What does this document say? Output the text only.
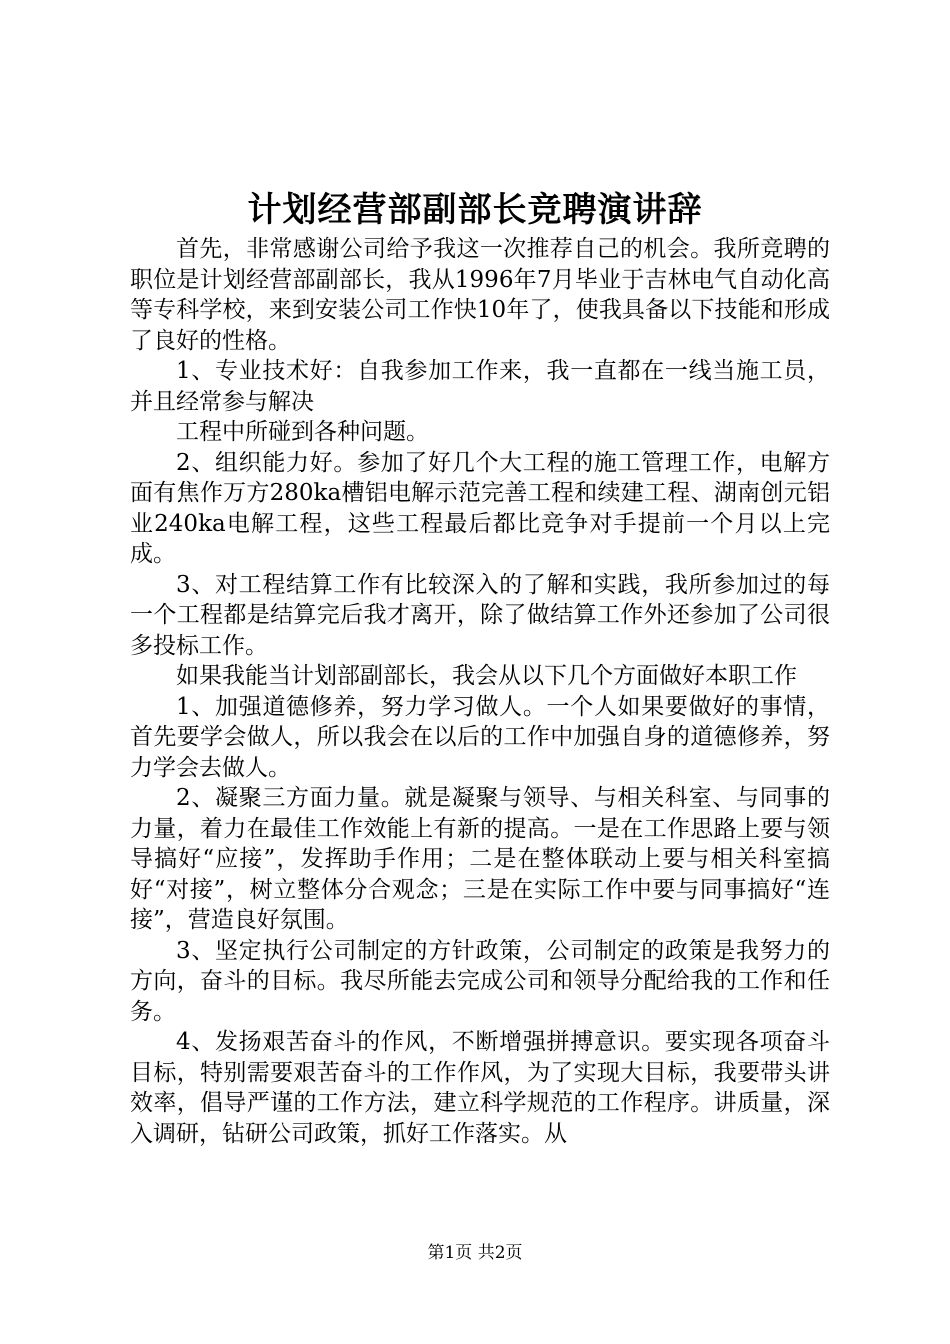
计划经营部副部长竞聘演讲辞

首先，非常感谢公司给予我这一次推荐自己的机会。我所竞聘的职位是计划经营部副部长，我从1996年7月毕业于吉林电气自动化高等专科学校，来到安装公司工作快10年了，使我具备以下技能和形成了良好的性格。

1、专业技术好：自我参加工作来，我一直都在一线当施工员，并且经常参与解决

工程中所碰到各种问题。

2、组织能力好。参加了好几个大工程的施工管理工作，电解方面有焦作万方280ka槽铝电解示范完善工程和续建工程、湖南创元铝业240ka电解工程，这些工程最后都比竞争对手提前一个月以上完成。

3、对工程结算工作有比较深入的了解和实践，我所参加过的每一个工程都是结算完后我才离开，除了做结算工作外还参加了公司很多投标工作。

如果我能当计划部副部长，我会从以下几个方面做好本职工作

1、加强道德修养，努力学习做人。一个人如果要做好的事情，首先要学会做人，所以我会在以后的工作中加强自身的道德修养，努力学会去做人。

2、凝聚三方面力量。就是凝聚与领导、与相关科室、与同事的力量，着力在最佳工作效能上有新的提高。一是在工作思路上要与领导搞好“应接”，发挥助手作用；二是在整体联动上要与相关科室搞好“对接”，树立整体分合观念；三是在实际工作中要与同事搞好“连接”，营造良好氛围。

3、坚定执行公司制定的方针政策，公司制定的政策是我努力的方向，奋斗的目标。我尽所能去完成公司和领导分配给我的工作和任务。

4、发扬艰苦奋斗的作风，不断增强拼搏意识。要实现各项奋斗目标，特别需要艰苦奋斗的工作作风，为了实现大目标，我要带头讲效率，倡导严谨的工作方法，建立科学规范的工作程序。讲质量，深入调研，钻研公司政策，抓好工作落实。从

第1页 共2页
